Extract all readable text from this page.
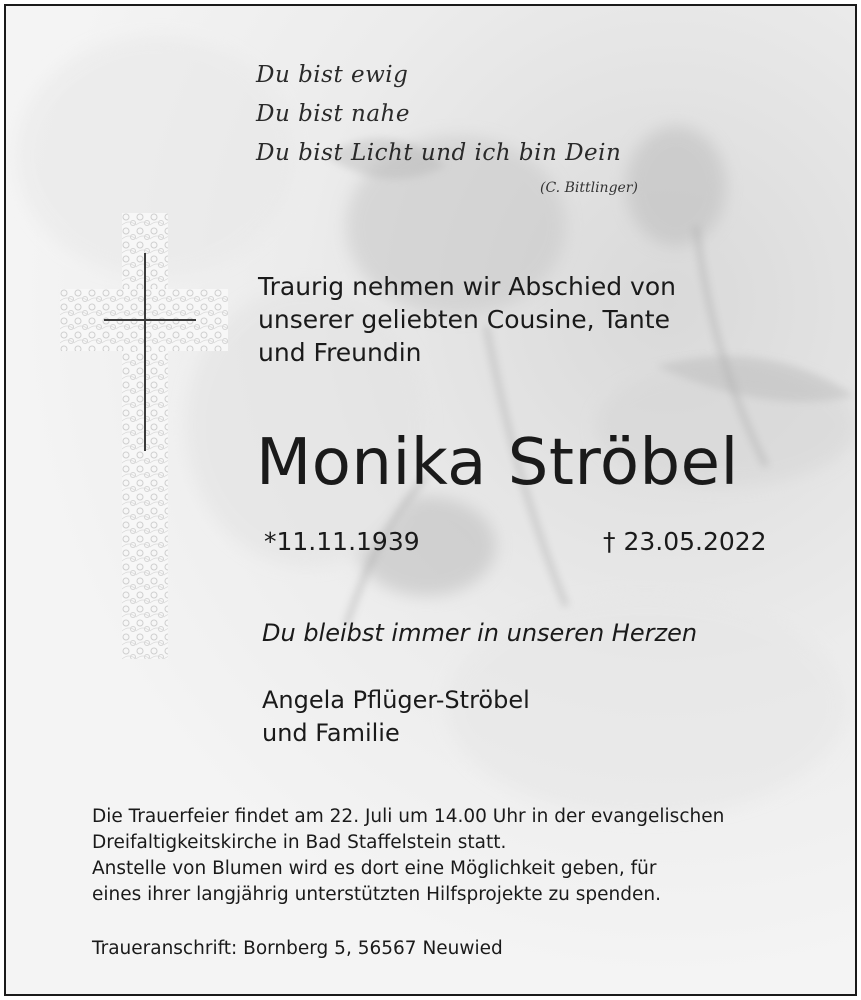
Du bist ewig
Du bist nahe
Du bist Licht und ich bin Dein
(C. Bittlinger)
Traurig nehmen wir Abschied von
unserer geliebten Cousine, Tante
und Freundin
Monika Ströbel
*11.11.1939	† 23.05.2022
Du bleibst immer in unseren Herzen
Angela Pflüger-Ströbel
und Familie
Die Trauerfeier findet am 22. Juli um 14.00 Uhr in der evangelischen
Dreifaltigkeitskirche in Bad Staffelstein statt.
Anstelle von Blumen wird es dort eine Möglichkeit geben, für
eines ihrer langjährig unterstützten Hilfsprojekte zu spenden.
Traueranschrift: Bornberg 5, 56567 Neuwied
